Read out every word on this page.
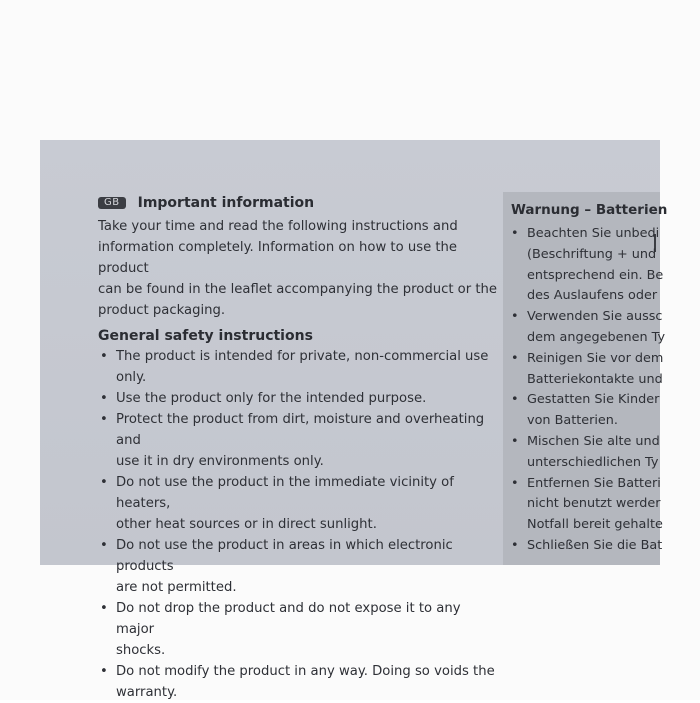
GB	Important information
Take your time and read the following instructions and
information completely. Information on how to use the product
can be found in the leaflet accompanying the product or the
product packaging.
General safety instructions
• The product is intended for private, non-commercial use only.
• Use the product only for the intended purpose.
• Protect the product from dirt, moisture and overheating and
use it in dry environments only.
• Do not use the product in the immediate vicinity of heaters,
other heat sources or in direct sunlight.
• Do not use the product in areas in which electronic products
are not permitted.
• Do not drop the product and do not expose it to any major
shocks.
• Do not modify the product in any way. Doing so voids the
warranty.
Warnung – Batterien
• Beachten Sie unbedi
(Beschriftung + und
entsprechend ein. Be
des Auslaufens oder
• Verwenden Sie aussc
dem angegebenen Ty
• Reinigen Sie vor dem
Batteriekontakte und
• Gestatten Sie Kinder
von Batterien.
• Mischen Sie alte und
unterschiedlichen Ty
• Entfernen Sie Batteri
nicht benutzt werder
Notfall bereit gehalte
• Schließen Sie die Bat
